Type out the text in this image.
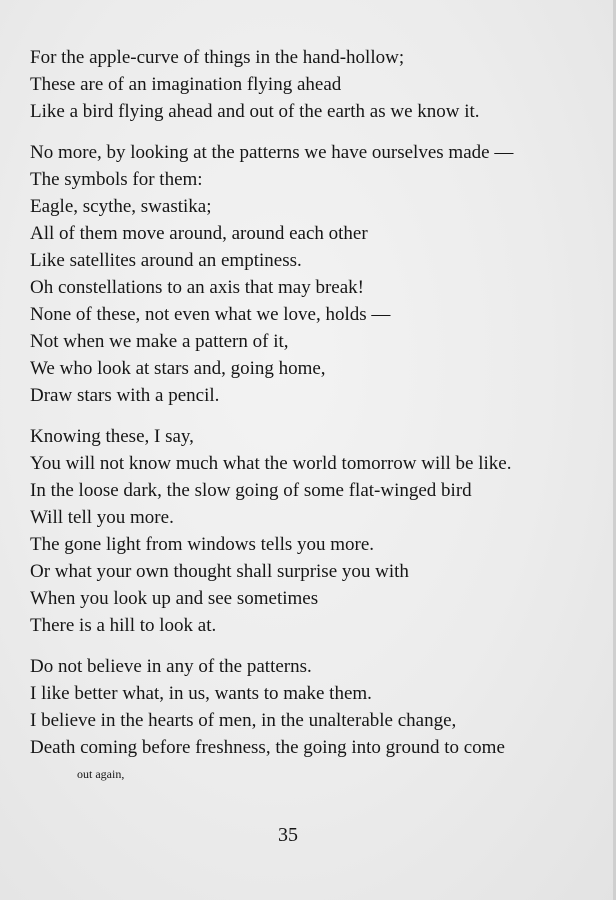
For the apple-curve of things in the hand-hollow;
These are of an imagination flying ahead
Like a bird flying ahead and out of the earth as we know it.
No more, by looking at the patterns we have ourselves made —
The symbols for them:
Eagle, scythe, swastika;
All of them move around, around each other
Like satellites around an emptiness.
Oh constellations to an axis that may break!
None of these, not even what we love, holds —
Not when we make a pattern of it,
We who look at stars and, going home,
Draw stars with a pencil.
Knowing these, I say,
You will not know much what the world tomorrow will be like.
In the loose dark, the slow going of some flat-winged bird
Will tell you more.
The gone light from windows tells you more.
Or what your own thought shall surprise you with
When you look up and see sometimes
There is a hill to look at.
Do not believe in any of the patterns.
I like better what, in us, wants to make them.
I believe in the hearts of men, in the unalterable change,
Death coming before freshness, the going into ground to come
out again,
35
